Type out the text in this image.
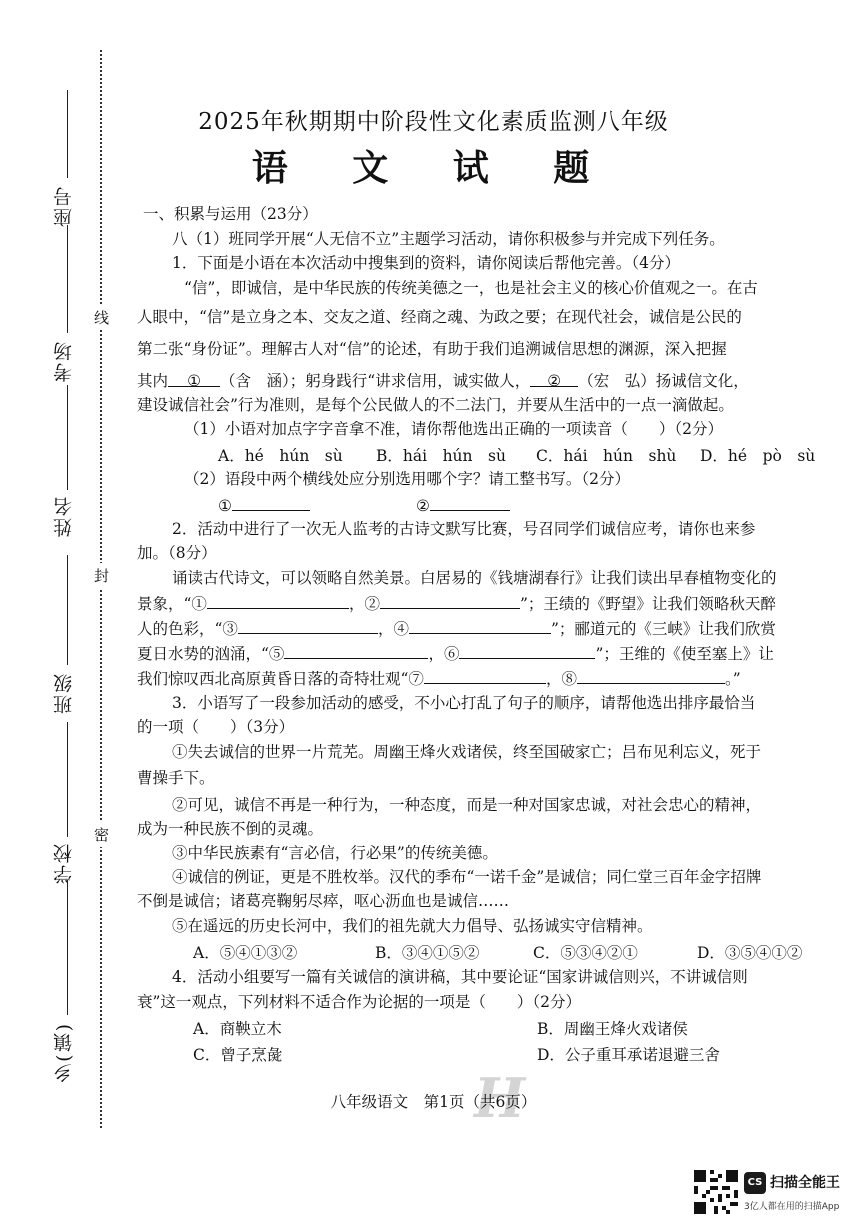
座号
考场
姓名
班级
学校
乡(镇)
线
封
密
2025年秋期期中阶段性文化素质监测八年级
语 文 试 题
一、积累与运用（23分）
八（1）班同学开展“人无信不立”主题学习活动，请你积极参与并完成下列任务。
1．下面是小语在本次活动中搜集到的资料，请你阅读后帮他完善。（4分）
“信”，即诚信，是中华民族的传统美德之一，也是社会主义的核心价值观之一。在古
人眼中，“信”是立身之本、交友之道、经商之魂、为政之要；在现代社会，诚信是公民的
第二张“身份证”。理解古人对“信”的论述，有助于我们追溯诚信思想的渊源，深入把握
其内 ① （含　涵）；躬身践行“讲求信用，诚实做人， ② （宏　弘）扬诚信文化，
建设诚信社会”行为准则，是每个公民做人的不二法门，并要从生活中的一点一滴做起。
（1）小语对加点字字音拿不准，请你帮他选出正确的一项读音（　　）（2分）
A．hé　hún　sù B．hái　hún　sù C．hái　hún　shù D．hé　pò　sù
（2）语段中两个横线处应分别选用哪个字？请工整书写。（2分）
①	②
2．活动中进行了一次无人监考的古诗文默写比赛，号召同学们诚信应考，请你也来参
加。（8分）
诵读古代诗文，可以领略自然美景。白居易的《钱塘湖春行》让我们读出早春植物变化的
景象，“①	，②	”；王绩的《野望》让我们领略秋天醉
人的色彩，“③	，④	”；郦道元的《三峡》让我们欣赏
夏日水势的汹涌，“⑤	，⑥	”；王维的《使至塞上》让
我们惊叹西北高原黄昏日落的奇特壮观“⑦	，⑧	。”
3．小语写了一段参加活动的感受，不小心打乱了句子的顺序，请帮他选出排序最恰当
的一项（　　）（3分）
①失去诚信的世界一片荒芜。周幽王烽火戏诸侯，终至国破家亡；吕布见利忘义，死于
曹操手下。
②可见，诚信不再是一种行为，一种态度，而是一种对国家忠诚，对社会忠心的精神，
成为一种民族不倒的灵魂。
③中华民族素有“言必信，行必果”的传统美德。
④诚信的例证，更是不胜枚举。汉代的季布“一诺千金”是诚信；同仁堂三百年金字招牌
不倒是诚信；诸葛亮鞠躬尽瘁，呕心沥血也是诚信……
⑤在遥远的历史长河中，我们的祖先就大力倡导、弘扬诚实守信精神。
A．⑤④①③②	B．③④①⑤②	C．⑤③④②①	D．③⑤④①②
4．活动小组要写一篇有关诚信的演讲稿，其中要论证“国家讲诚信则兴，不讲诚信则
衰”这一观点，下列材料不适合作为论据的一项是（　　）（2分）
A．商鞅立木	B．周幽王烽火戏诸侯
C．曾子烹彘	D．公子重耳承诺退避三舍
H
八年级语文　第1页（共6页）
CS 扫描全能王
3亿人都在用的扫描App
